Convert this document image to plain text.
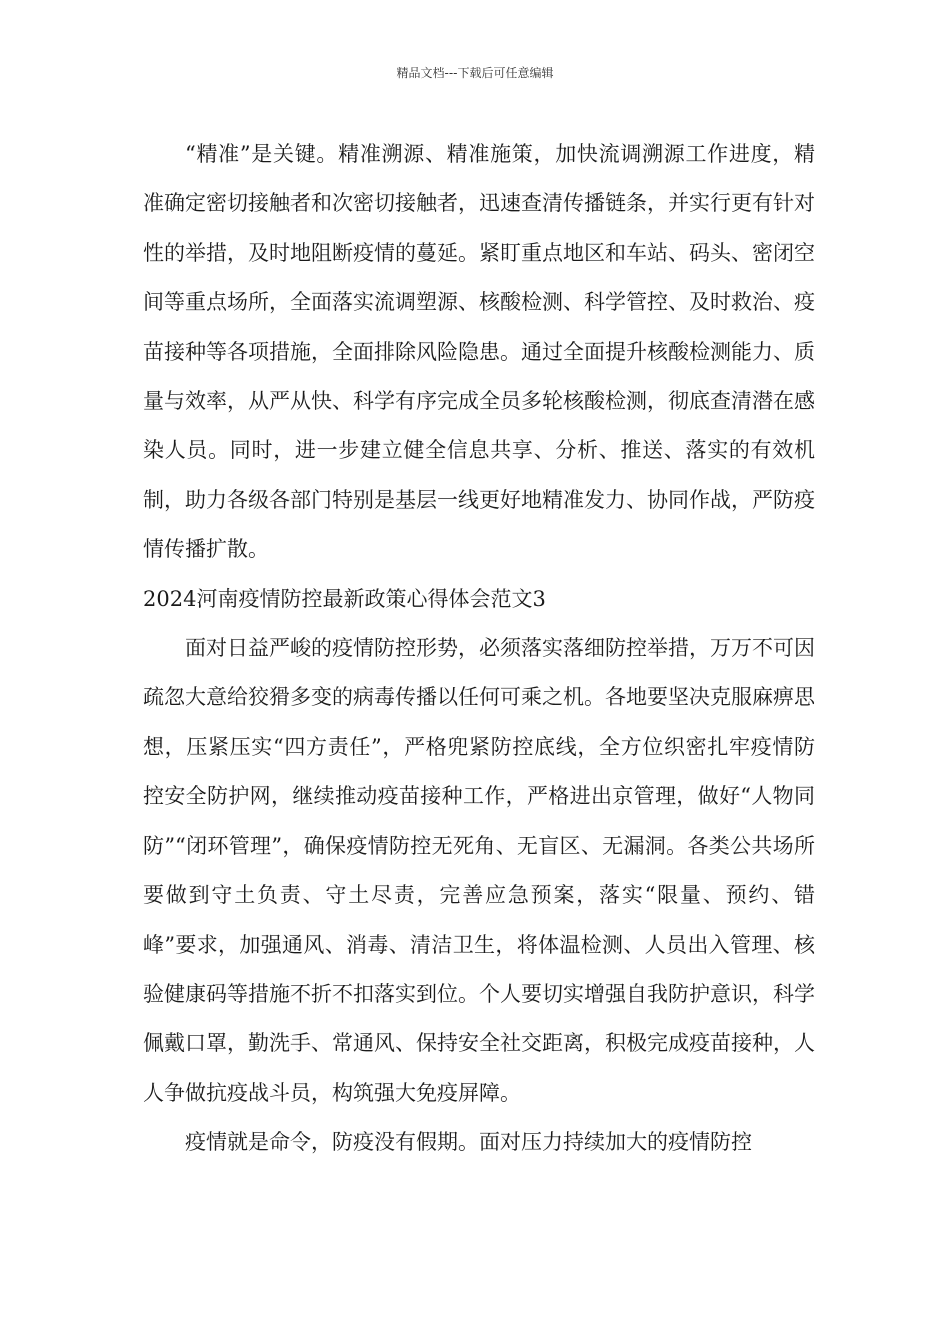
精品文档---下载后可任意编辑

“精准”是关键。精准溯源、精准施策，加快流调溯源工作进度，精准确定密切接触者和次密切接触者，迅速查清传播链条，并实行更有针对性的举措，及时地阻断疫情的蔓延。紧盯重点地区和车站、码头、密闭空间等重点场所，全面落实流调塑源、核酸检测、科学管控、及时救治、疫苗接种等各项措施，全面排除风险隐患。通过全面提升核酸检测能力、质量与效率，从严从快、科学有序完成全员多轮核酸检测，彻底查清潜在感染人员。同时，进一步建立健全信息共享、分析、推送、落实的有效机制，助力各级各部门特别是基层一线更好地精准发力、协同作战，严防疫情传播扩散。

2024河南疫情防控最新政策心得体会范文3

面对日益严峻的疫情防控形势，必须落实落细防控举措，万万不可因疏忽大意给狡猾多变的病毒传播以任何可乘之机。各地要坚决克服麻痹思想，压紧压实“四方责任”，严格兜紧防控底线，全方位织密扎牢疫情防控安全防护网，继续推动疫苗接种工作，严格进出京管理，做好“人物同防”“闭环管理”，确保疫情防控无死角、无盲区、无漏洞。各类公共场所要做到守土负责、守土尽责，完善应急预案，落实“限量、预约、错峰”要求，加强通风、消毒、清洁卫生，将体温检测、人员出入管理、核验健康码等措施不折不扣落实到位。个人要切实增强自我防护意识，科学佩戴口罩，勤洗手、常通风、保持安全社交距离，积极完成疫苗接种，人人争做抗疫战斗员，构筑强大免疫屏障。

疫情就是命令，防疫没有假期。面对压力持续加大的疫情防控
